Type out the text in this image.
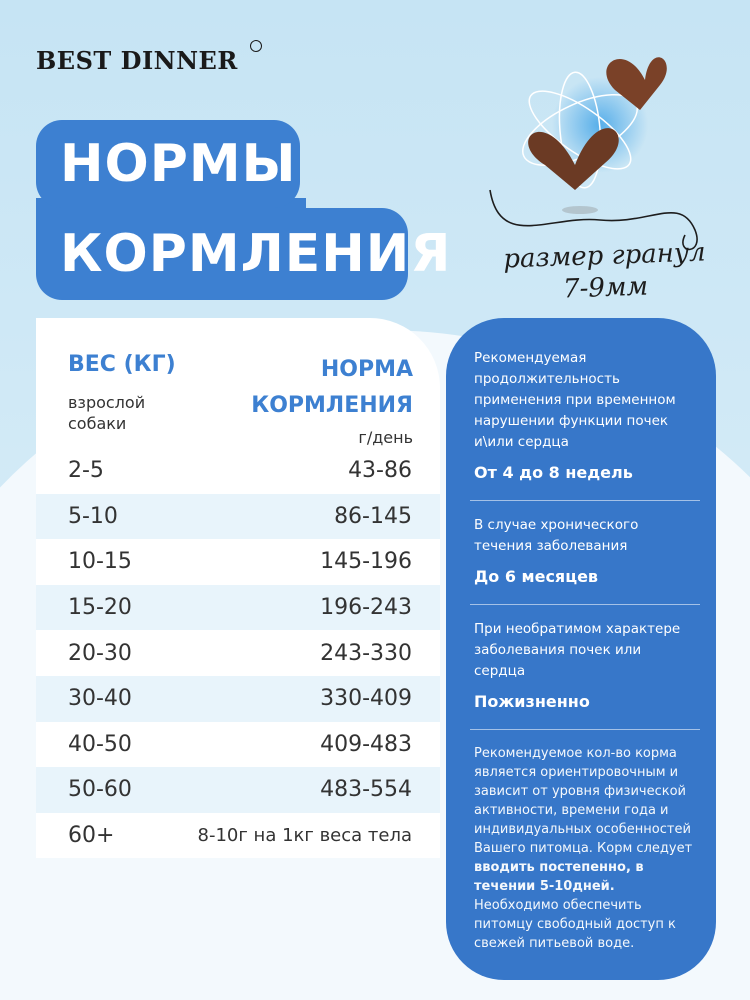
BEST DINNER
НОРМЫ
КОРМЛЕНИЯ размер гранул
7-9мм
ВЕС (КГ)
взрослой собаки
НОРМА
КОРМЛЕНИЯ
г/день
2-5	43-86
5-10	86-145
10-15	145-196
15-20	196-243
20-30	243-330
30-40	330-409
40-50	409-483
50-60	483-554
60+	8-10г на 1кг веса тела
Рекомендуемая продолжительность применения при временном нарушении функции почек и\или сердца
От 4 до 8 недель
В случае хронического течения заболевания
До 6 месяцев
При необратимом характере заболевания почек или сердца
Пожизненно
Рекомендуемое кол-во корма является ориентировочным и зависит от уровня физической активности, времени года и индивидуальных особенностей Вашего питомца. Корм следует вводить постепенно, в течении 5-10дней. Необходимо обеспечить питомцу свободный доступ к свежей питьевой воде.
